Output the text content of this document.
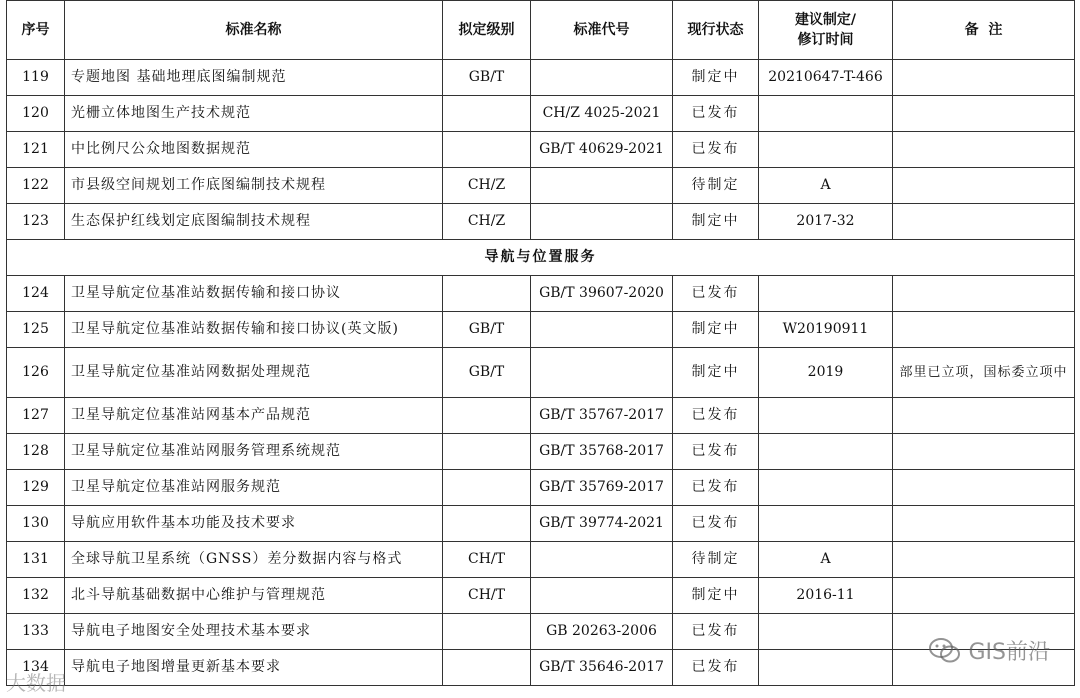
序号	标准名称	拟定级别	标准代号	现行状态	建议制定/
修订时间	备  注
119	专题地图 基础地理底图编制规范	GB/T		制定中	20210647-T-466	
120	光栅立体地图生产技术规范		CH/Z 4025-2021	已发布		
121	中比例尺公众地图数据规范		GB/T 40629-2021	已发布		
122	市县级空间规划工作底图编制技术规程	CH/Z		待制定	A	
123	生态保护红线划定底图编制技术规程	CH/Z		制定中	2017-32	
导航与位置服务						
124	卫星导航定位基准站数据传输和接口协议		GB/T 39607-2020	已发布		
125	卫星导航定位基准站数据传输和接口协议(英文版)	GB/T		制定中	W20190911	
126	卫星导航定位基准站网数据处理规范	GB/T		制定中	2019	部里已立项，国标委立项中
127	卫星导航定位基准站网基本产品规范		GB/T 35767-2017	已发布		
128	卫星导航定位基准站网服务管理系统规范		GB/T 35768-2017	已发布		
129	卫星导航定位基准站网服务规范		GB/T 35769-2017	已发布		
130	导航应用软件基本功能及技术要求		GB/T 39774-2021	已发布		
131	全球导航卫星系统（GNSS）差分数据内容与格式	CH/T		待制定	A	
132	北斗导航基础数据中心维护与管理规范	CH/T		制定中	2016-11	
133	导航电子地图安全处理技术基本要求		GB 20263-2006	已发布		
134	导航电子地图增量更新基本要求		GB/T 35646-2017	已发布		
GIS前沿
大数据
